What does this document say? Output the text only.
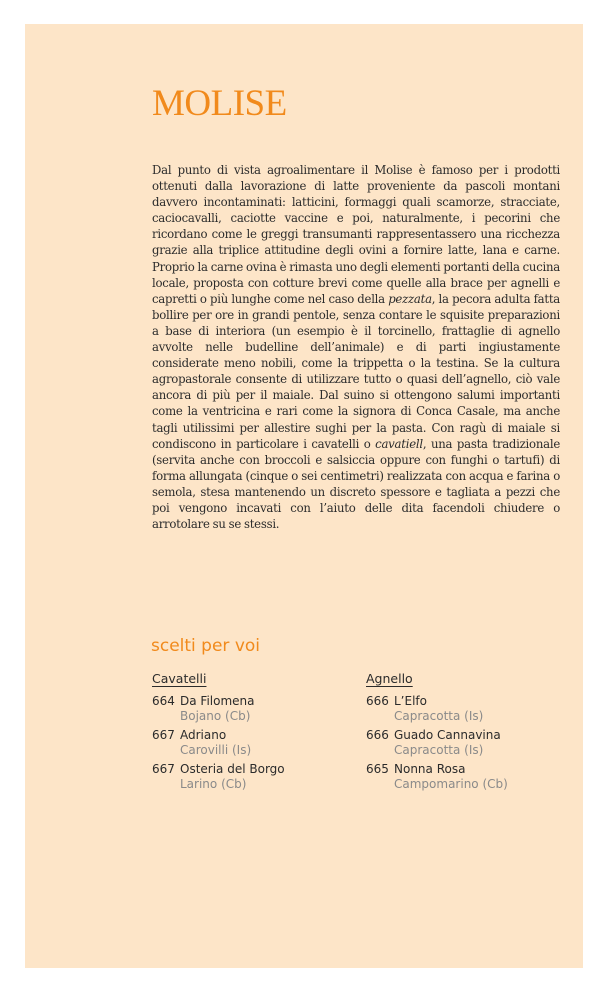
MOLISE

Dal punto di vista agroalimentare il Molise è famoso per i prodotti ottenuti dalla lavorazione di latte proveniente da pascoli montani davvero incontaminati: latticini, formaggi quali scamorze, stracciate, caciocavalli, caciotte vaccine e poi, naturalmente, i pecorini che ricordano come le greggi transumanti rappresentassero una ricchezza grazie alla triplice attitudine degli ovini a fornire latte, lana e carne. Proprio la carne ovina è rimasta uno degli elementi portanti della cucina locale, proposta con cotture brevi come quelle alla brace per agnelli e capretti o più lunghe come nel caso della pezzata, la pecora adulta fatta bollire per ore in grandi pentole, senza contare le squisite preparazioni a base di interiora (un esempio è il torcinello, frattaglie di agnello avvolte nelle budelline dell’animale) e di parti ingiustamente considerate meno nobili, come la trippetta o la testina. Se la cultura agropastorale consente di utilizzare tutto o quasi dell’agnello, ciò vale ancora di più per il maiale. Dal suino si ottengono salumi importanti come la ventricina e rari come la signora di Conca Casale, ma anche tagli utilissimi per allestire sughi per la pasta. Con ragù di maiale si condiscono in particolare i cavatelli o cavatiell, una pasta tradizionale (servita anche con broccoli e salsiccia oppure con funghi o tartufi) di forma allungata (cinque o sei centimetri) realizzata con acqua e farina o semola, stesa mantenendo un discreto spessore e tagliata a pezzi che poi vengono incavati con l’aiuto delle dita facendoli chiudere o arrotolare su se stessi.

scelti per voi
Cavatelli
664 Da Filomena
Bojano (Cb)
667 Adriano
Carovilli (Is)
667 Osteria del Borgo
Larino (Cb)
Agnello
666 L’Elfo
Capracotta (Is)
666 Guado Cannavina
Capracotta (Is)
665 Nonna Rosa
Campomarino (Cb)
